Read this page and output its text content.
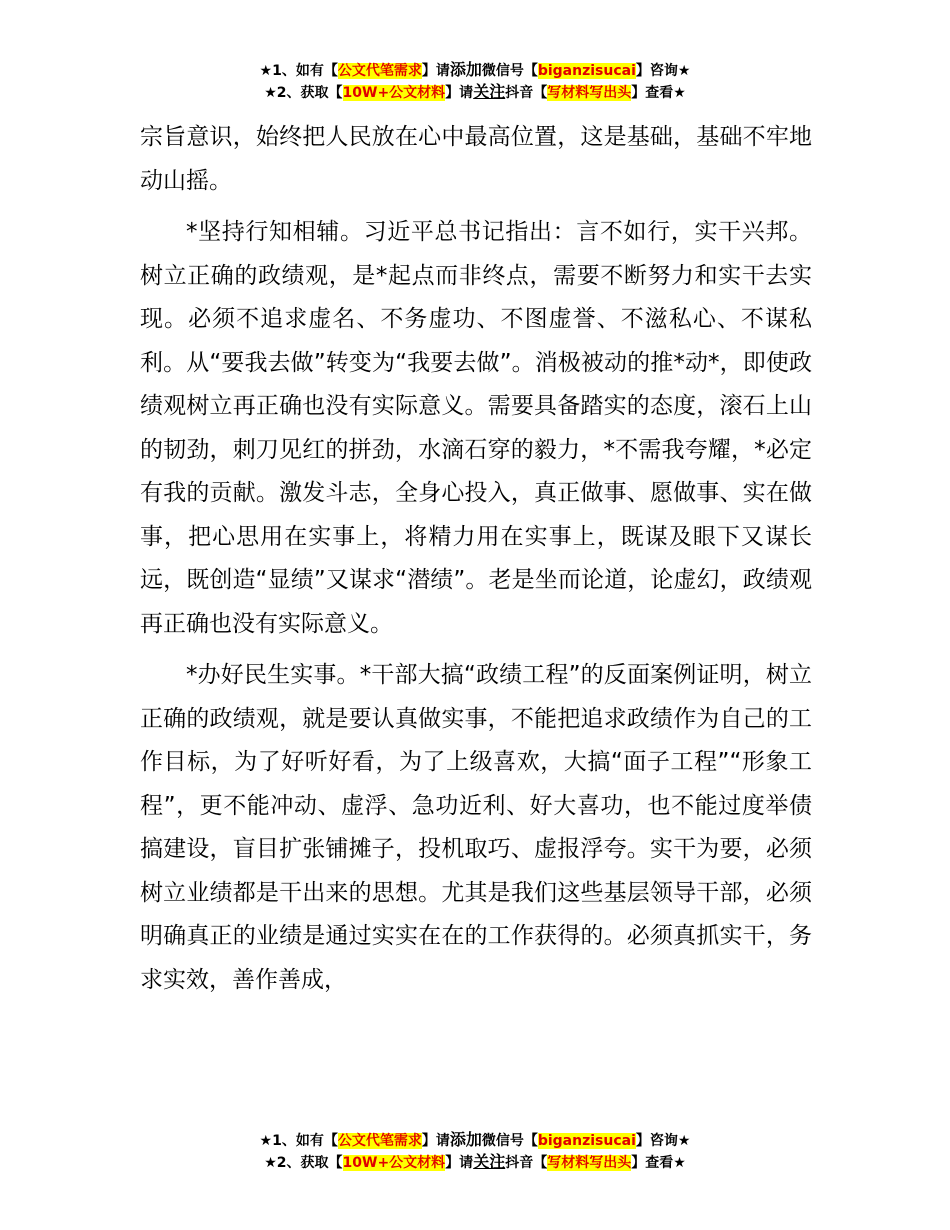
★1、如有【公文代笔需求】请添加微信号【biganzisucai】咨询★
★2、获取【10W+公文材料】请关注抖音【写材料写出头】查看★

宗旨意识，始终把人民放在心中最高位置，这是基础，基础不牢地动山摇。

*坚持行知相辅。习近平总书记指出：言不如行，实干兴邦。树立正确的政绩观，是*起点而非终点，需要不断努力和实干去实现。必须不追求虚名、不务虚功、不图虚誉、不滋私心、不谋私利。从“要我去做”转变为“我要去做”。消极被动的推*动*，即使政绩观树立再正确也没有实际意义。需要具备踏实的态度，滚石上山的韧劲，刺刀见红的拼劲，水滴石穿的毅力，*不需我夸耀，*必定有我的贡献。激发斗志，全身心投入，真正做事、愿做事、实在做事，把心思用在实事上，将精力用在实事上，既谋及眼下又谋长远，既创造“显绩”又谋求“潜绩”。老是坐而论道，论虚幻，政绩观再正确也没有实际意义。

*办好民生实事。*干部大搞“政绩工程”的反面案例证明，树立正确的政绩观，就是要认真做实事，不能把追求政绩作为自己的工作目标，为了好听好看，为了上级喜欢，大搞“面子工程”“形象工程”，更不能冲动、虚浮、急功近利、好大喜功，也不能过度举债搞建设，盲目扩张铺摊子，投机取巧、虚报浮夸。实干为要，必须树立业绩都是干出来的思想。尤其是我们这些基层领导干部，必须明确真正的业绩是通过实实在在的工作获得的。必须真抓实干，务求实效，善作善成，

★1、如有【公文代笔需求】请添加微信号【biganzisucai】咨询★
★2、获取【10W+公文材料】请关注抖音【写材料写出头】查看★
